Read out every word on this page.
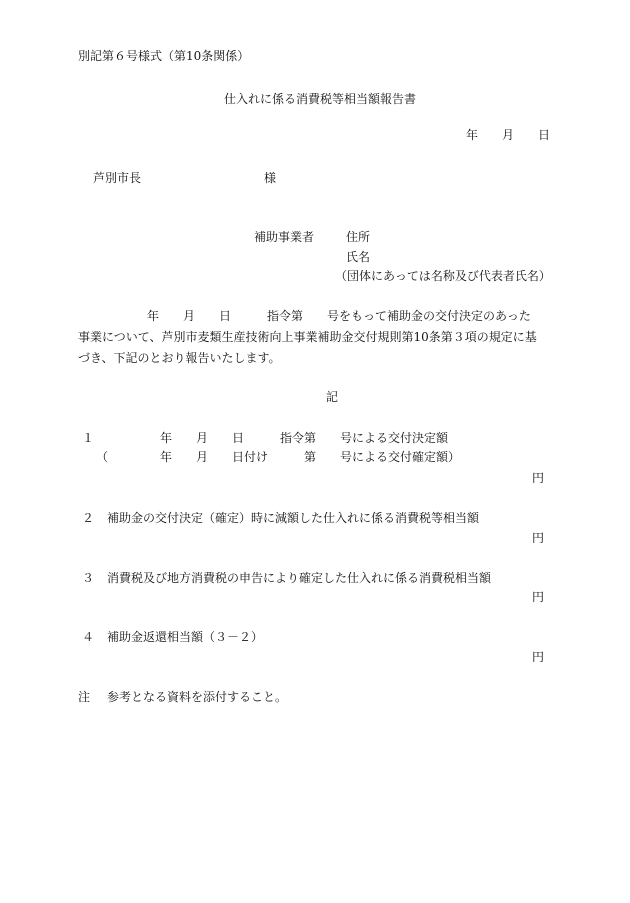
別記第６号様式（第10条関係）
仕入れに係る消費税等相当額報告書
年　　月　　日
芦別市長	様
補助事業者	住所
氏名
（団体にあっては名称及び代表者氏名）
年　　月　　日　　　指令第　　号をもって補助金の交付決定のあった
事業について、芦別市麦類生産技術向上事業補助金交付規則第10条第３項の規定に基
づき、下記のとおり報告いたします。
記
１	年　　月　　日　　　指令第　　号による交付決定額
（	年　　月　　日付け　　　第　　号による交付確定額）
円
２ 補助金の交付決定（確定）時に減額した仕入れに係る消費税等相当額
円
３ 消費税及び地方消費税の申告により確定した仕入れに係る消費税相当額
円
４ 補助金返還相当額（３－２）
円
注 参考となる資料を添付すること。
